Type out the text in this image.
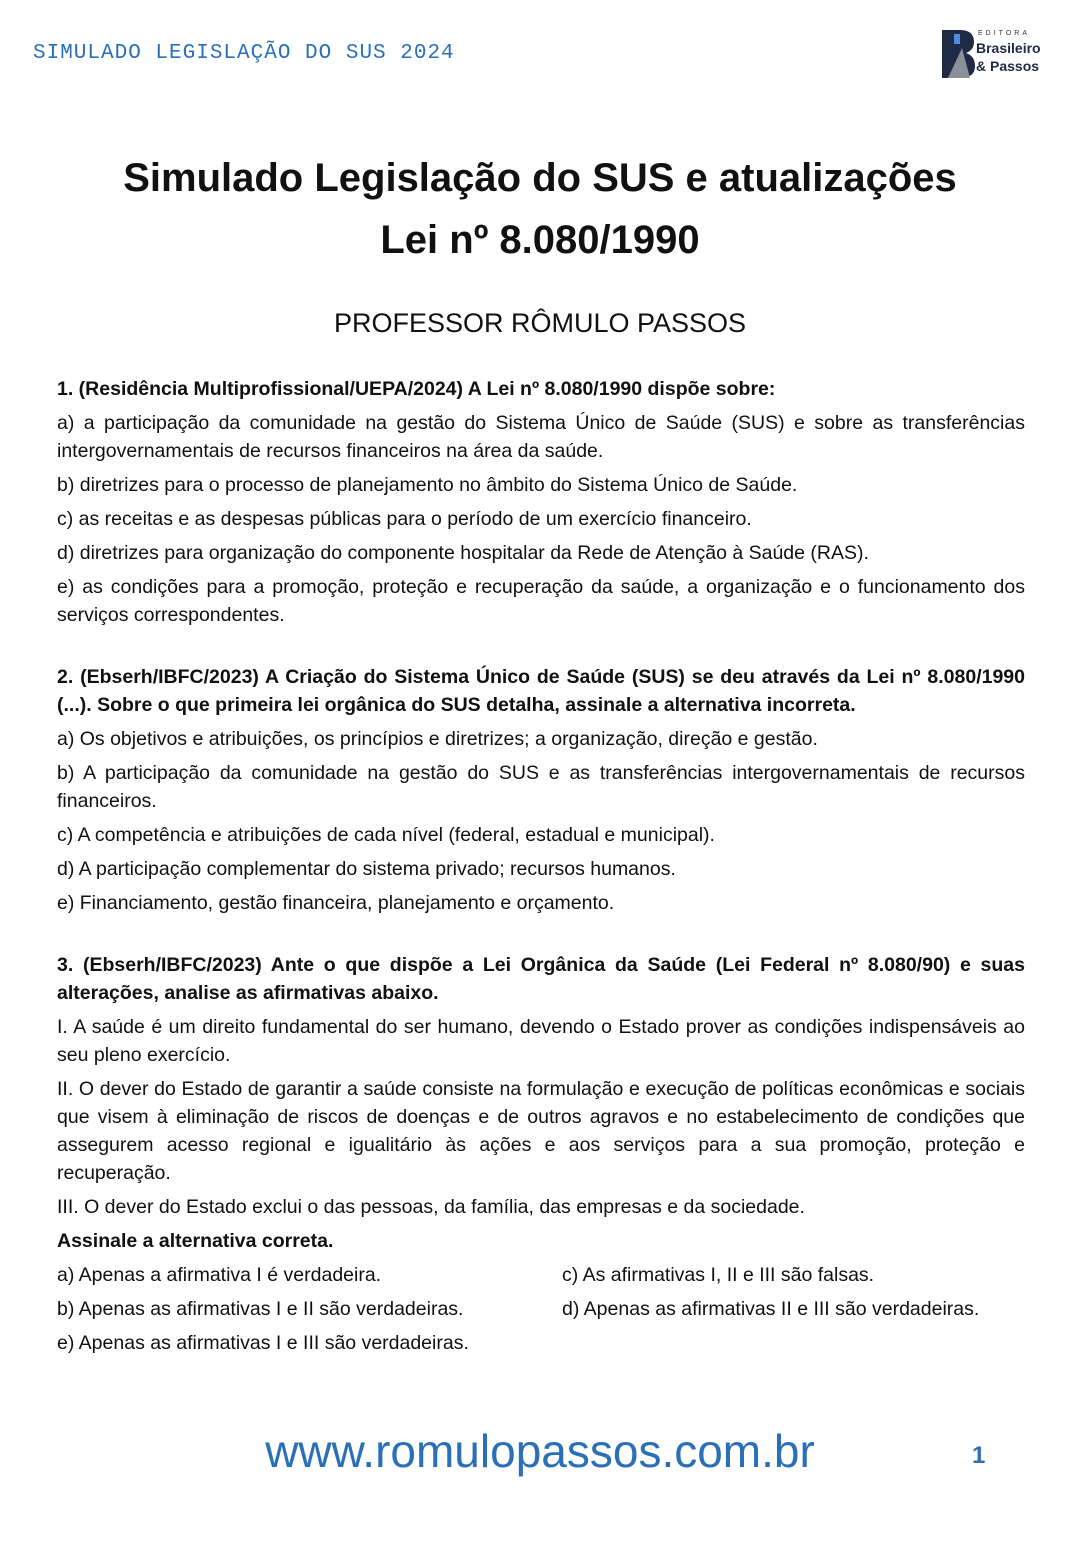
SIMULADO LEGISLAÇÃO DO SUS 2024
EDITORA
Brasileiro
& Passos
Simulado Legislação do SUS e atualizações
Lei nº 8.080/1990
PROFESSOR RÔMULO PASSOS

1. (Residência Multiprofissional/UEPA/2024) A Lei nº 8.080/1990 dispõe sobre:

a) a participação da comunidade na gestão do Sistema Único de Saúde (SUS) e sobre as transferências intergovernamentais de recursos financeiros na área da saúde.

b) diretrizes para o processo de planejamento no âmbito do Sistema Único de Saúde.

c) as receitas e as despesas públicas para o período de um exercício financeiro.

d) diretrizes para organização do componente hospitalar da Rede de Atenção à Saúde (RAS).

e) as condições para a promoção, proteção e recuperação da saúde, a organização e o funcionamento dos serviços correspondentes.

2. (Ebserh/IBFC/2023) A Criação do Sistema Único de Saúde (SUS) se deu através da Lei nº 8.080/1990 (...). Sobre o que primeira lei orgânica do SUS detalha, assinale a alternativa incorreta.

a) Os objetivos e atribuições, os princípios e diretrizes; a organização, direção e gestão.

b) A participação da comunidade na gestão do SUS e as transferências intergovernamentais de recursos financeiros.

c) A competência e atribuições de cada nível (federal, estadual e municipal).

d) A participação complementar do sistema privado; recursos humanos.

e) Financiamento, gestão financeira, planejamento e orçamento.

3. (Ebserh/IBFC/2023) Ante o que dispõe a Lei Orgânica da Saúde (Lei Federal nº 8.080/90) e suas alterações, analise as afirmativas abaixo.

I. A saúde é um direito fundamental do ser humano, devendo o Estado prover as condições indispensáveis ao seu pleno exercício.

II. O dever do Estado de garantir a saúde consiste na formulação e execução de políticas econômicas e sociais que visem à eliminação de riscos de doenças e de outros agravos e no estabelecimento de condições que assegurem acesso regional e igualitário às ações e aos serviços para a sua promoção, proteção e recuperação.

III. O dever do Estado exclui o das pessoas, da família, das empresas e da sociedade.

Assinale a alternativa correta.

a) Apenas a afirmativa I é verdadeira.

b) Apenas as afirmativas I e II são verdadeiras.

e) Apenas as afirmativas I e III são verdadeiras.

c) As afirmativas I, II e III são falsas.

d) Apenas as afirmativas II e III são verdadeiras.

www.romulopassos.com.br	1
